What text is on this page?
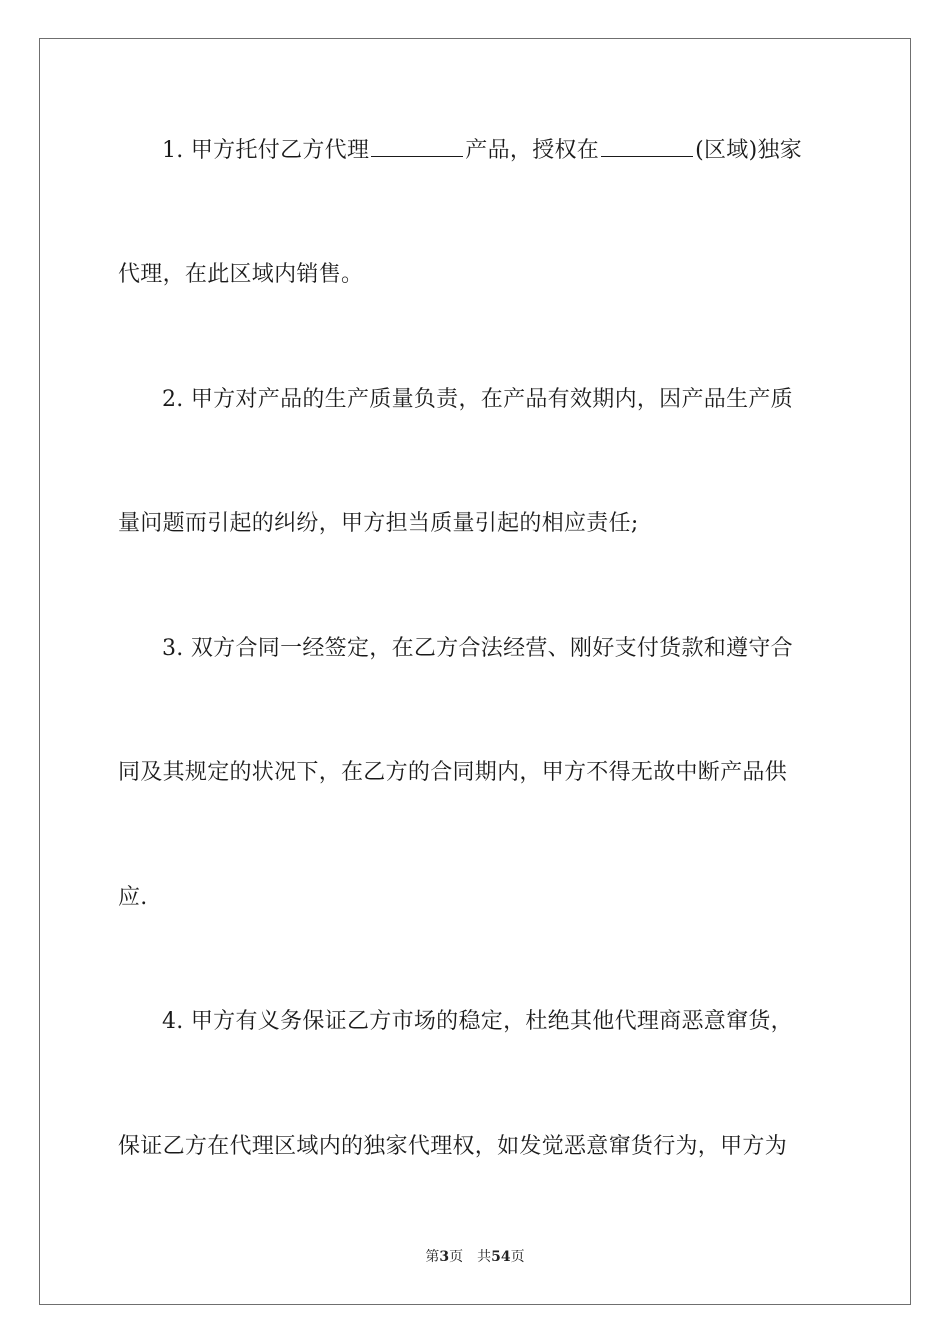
1. 甲方托付乙方代理	产品，授权在	(区域)独家
代理，在此区域内销售。
2. 甲方对产品的生产质量负责，在产品有效期内，因产品生产质
量问题而引起的纠纷，甲方担当质量引起的相应责任;
3. 双方合同一经签定，在乙方合法经营、刚好支付货款和遵守合
同及其规定的状况下，在乙方的合同期内，甲方不得无故中断产品供
应.
4. 甲方有义务保证乙方市场的稳定，杜绝其他代理商恶意窜货，
保证乙方在代理区域内的独家代理权，如发觉恶意窜货行为，甲方为
第3页 共54页
